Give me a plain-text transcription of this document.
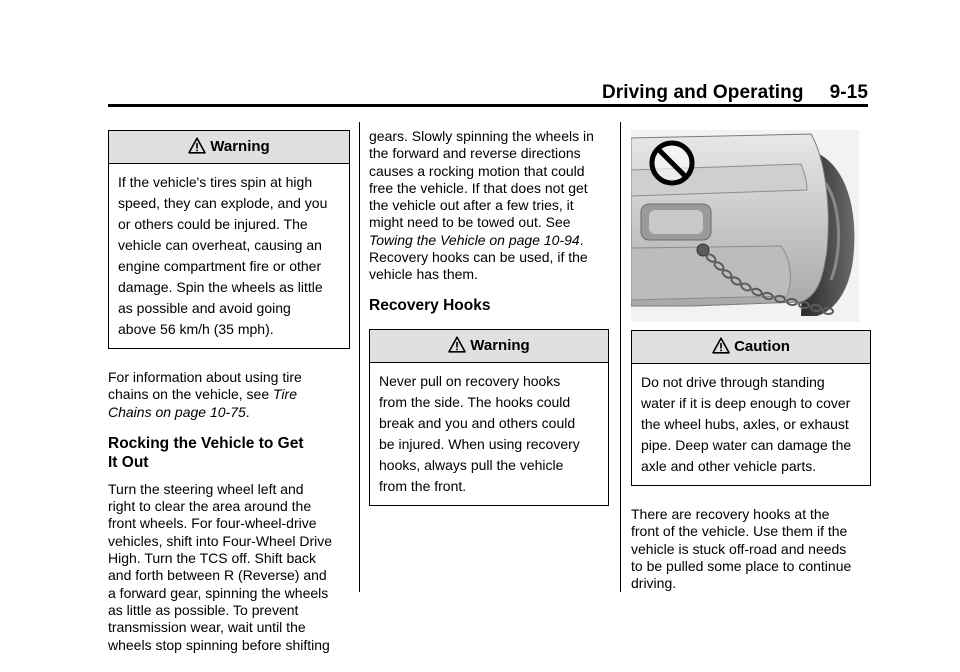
Driving and Operating 9-15
Warning
If the vehicle's tires spin at high
speed, they can explode, and you
or others could be injured. The
vehicle can overheat, causing an
engine compartment fire or other
damage. Spin the wheels as little
as possible and avoid going
above 56 km/h (35 mph).
For information about using tire
chains on the vehicle, see Tire
Chains on page 10-75.
Rocking the Vehicle to Get
It Out
Turn the steering wheel left and
right to clear the area around the
front wheels. For four-wheel-drive
vehicles, shift into Four-Wheel Drive
High. Turn the TCS off. Shift back
and forth between R (Reverse) and
a forward gear, spinning the wheels
as little as possible. To prevent
transmission wear, wait until the
wheels stop spinning before shifting
gears. Slowly spinning the wheels in
the forward and reverse directions
causes a rocking motion that could
free the vehicle. If that does not get
the vehicle out after a few tries, it
might need to be towed out. See
Towing the Vehicle on page 10-94.
Recovery hooks can be used, if the
vehicle has them.
Recovery Hooks
Warning
Never pull on recovery hooks
from the side. The hooks could
break and you and others could
be injured. When using recovery
hooks, always pull the vehicle
from the front.
Caution
Do not drive through standing
water if it is deep enough to cover
the wheel hubs, axles, or exhaust
pipe. Deep water can damage the
axle and other vehicle parts.
There are recovery hooks at the
front of the vehicle. Use them if the
vehicle is stuck off-road and needs
to be pulled some place to continue
driving.
